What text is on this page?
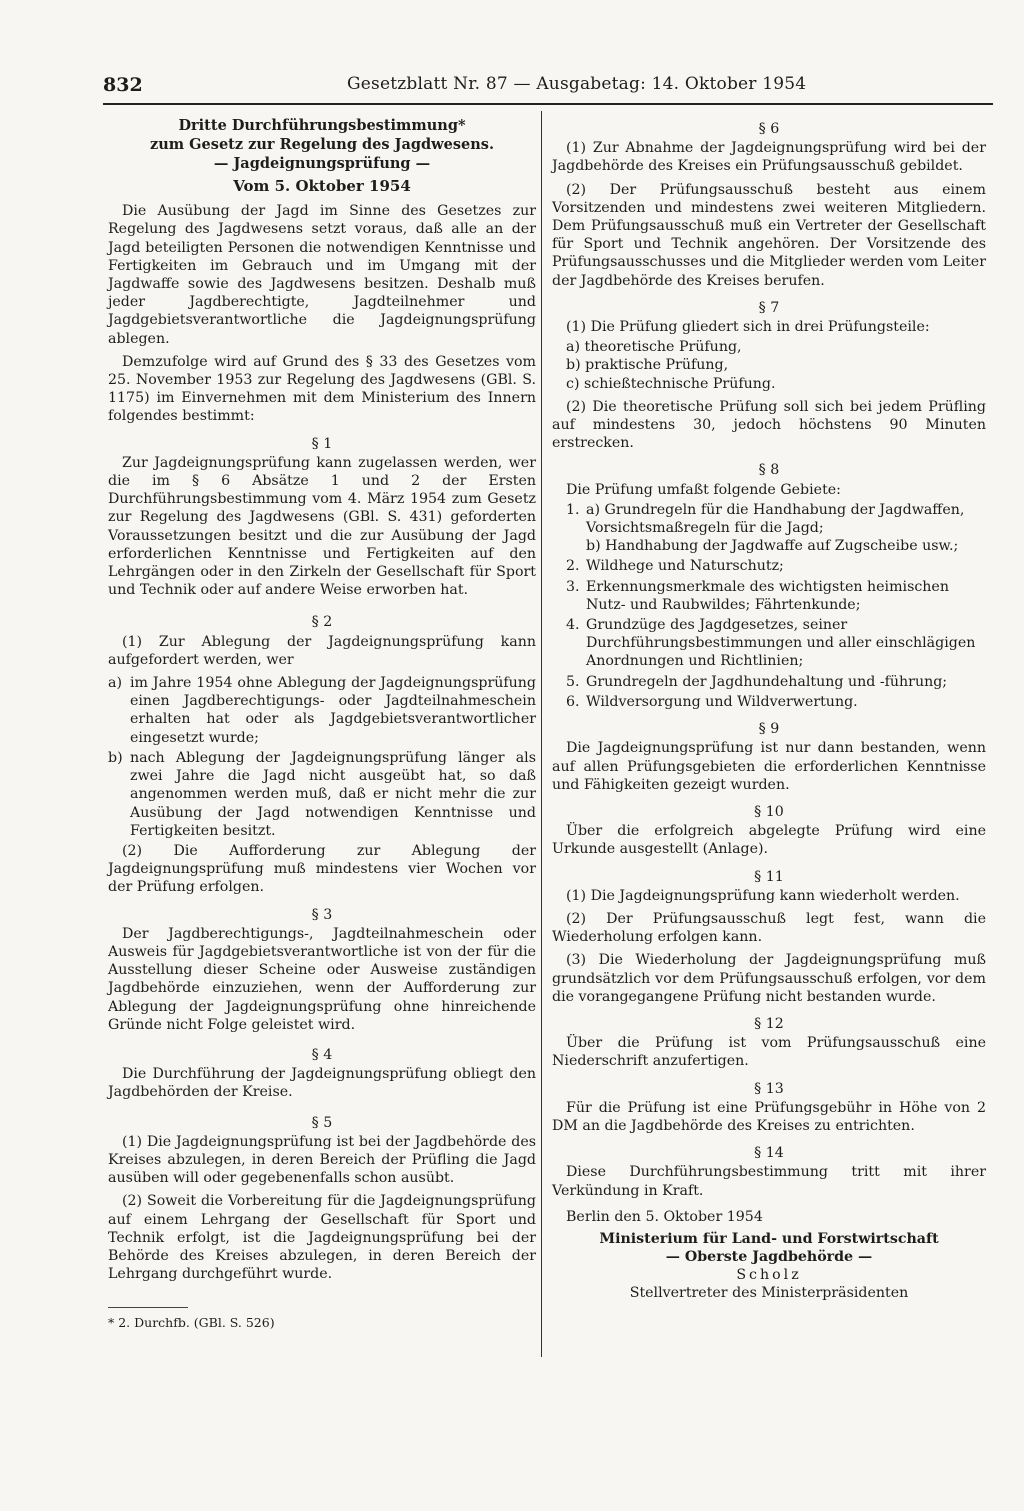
832	Gesetzblatt Nr. 87 — Ausgabetag: 14. Oktober 1954
Dritte Durchführungsbestimmung*
zum Gesetz zur Regelung des Jagdwesens.
— Jagdeignungsprüfung —
Vom 5. Oktober 1954

Die Ausübung der Jagd im Sinne des Gesetzes zur Regelung des Jagdwesens setzt voraus, daß alle an der Jagd beteiligten Personen die notwendigen Kenntnisse und Fertigkeiten im Gebrauch und im Umgang mit der Jagdwaffe sowie des Jagdwesens besitzen. Deshalb muß jeder Jagdberechtigte, Jagdteilnehmer und Jagdgebietsverantwortliche die Jagdeignungsprüfung ablegen.

Demzufolge wird auf Grund des § 33 des Gesetzes vom 25. November 1953 zur Regelung des Jagdwesens (GBl. S. 1175) im Einvernehmen mit dem Ministerium des Innern folgendes bestimmt:

§ 1

Zur Jagdeignungsprüfung kann zugelassen werden, wer die im § 6 Absätze 1 und 2 der Ersten Durchführungsbestimmung vom 4. März 1954 zum Gesetz zur Regelung des Jagdwesens (GBl. S. 431) geforderten Voraussetzungen besitzt und die zur Ausübung der Jagd erforderlichen Kenntnisse und Fertigkeiten auf den Lehrgängen oder in den Zirkeln der Gesellschaft für Sport und Technik oder auf andere Weise erworben hat.

§ 2

(1) Zur Ablegung der Jagdeignungsprüfung kann aufgefordert werden, wer

a) im Jahre 1954 ohne Ablegung der Jagdeignungsprüfung einen Jagdberechtigungs- oder Jagdteilnahmeschein erhalten hat oder als Jagdgebietsverantwortlicher eingesetzt wurde;
b) nach Ablegung der Jagdeignungsprüfung länger als zwei Jahre die Jagd nicht ausgeübt hat, so daß angenommen werden muß, daß er nicht mehr die zur Ausübung der Jagd notwendigen Kenntnisse und Fertigkeiten besitzt.

(2) Die Aufforderung zur Ablegung der Jagdeignungsprüfung muß mindestens vier Wochen vor der Prüfung erfolgen.

§ 3

Der Jagdberechtigungs-, Jagdteilnahmeschein oder Ausweis für Jagdgebietsverantwortliche ist von der für die Ausstellung dieser Scheine oder Ausweise zuständigen Jagdbehörde einzuziehen, wenn der Aufforderung zur Ablegung der Jagdeignungsprüfung ohne hinreichende Gründe nicht Folge geleistet wird.

§ 4

Die Durchführung der Jagdeignungsprüfung obliegt den Jagdbehörden der Kreise.

§ 5

(1) Die Jagdeignungsprüfung ist bei der Jagdbehörde des Kreises abzulegen, in deren Bereich der Prüfling die Jagd ausüben will oder gegebenenfalls schon ausübt.

(2) Soweit die Vorbereitung für die Jagdeignungsprüfung auf einem Lehrgang der Gesellschaft für Sport und Technik erfolgt, ist die Jagdeignungsprüfung bei der Behörde des Kreises abzulegen, in deren Bereich der Lehrgang durchgeführt wurde.

* 2. Durchfb. (GBl. S. 526)
§ 6

(1) Zur Abnahme der Jagdeignungsprüfung wird bei der Jagdbehörde des Kreises ein Prüfungsausschuß gebildet.

(2) Der Prüfungsausschuß besteht aus einem Vorsitzenden und mindestens zwei weiteren Mitgliedern. Dem Prüfungsausschuß muß ein Vertreter der Gesellschaft für Sport und Technik angehören. Der Vorsitzende des Prüfungsausschusses und die Mitglieder werden vom Leiter der Jagdbehörde des Kreises berufen.

§ 7

(1) Die Prüfung gliedert sich in drei Prüfungsteile:

a) theoretische Prüfung,
b) praktische Prüfung,
c) schießtechnische Prüfung.

(2) Die theoretische Prüfung soll sich bei jedem Prüfling auf mindestens 30, jedoch höchstens 90 Minuten erstrecken.

§ 8

Die Prüfung umfaßt folgende Gebiete:

1. a) Grundregeln für die Handhabung der Jagdwaffen, Vorsichtsmaßregeln für die Jagd;
b) Handhabung der Jagdwaffe auf Zugscheibe usw.;
2. Wildhege und Naturschutz;
3. Erkennungsmerkmale des wichtigsten heimischen Nutz- und Raubwildes; Fährtenkunde;
4. Grundzüge des Jagdgesetzes, seiner Durchführungsbestimmungen und aller einschlägigen Anordnungen und Richtlinien;
5. Grundregeln der Jagdhundehaltung und -führung;
6. Wildversorgung und Wildverwertung.
§ 9

Die Jagdeignungsprüfung ist nur dann bestanden, wenn auf allen Prüfungsgebieten die erforderlichen Kenntnisse und Fähigkeiten gezeigt wurden.

§ 10

Über die erfolgreich abgelegte Prüfung wird eine Urkunde ausgestellt (Anlage).

§ 11

(1) Die Jagdeignungsprüfung kann wiederholt werden.

(2) Der Prüfungsausschuß legt fest, wann die Wiederholung erfolgen kann.

(3) Die Wiederholung der Jagdeignungsprüfung muß grundsätzlich vor dem Prüfungsausschuß erfolgen, vor dem die vorangegangene Prüfung nicht bestanden wurde.

§ 12

Über die Prüfung ist vom Prüfungsausschuß eine Niederschrift anzufertigen.

§ 13

Für die Prüfung ist eine Prüfungsgebühr in Höhe von 2 DM an die Jagdbehörde des Kreises zu entrichten.

§ 14

Diese Durchführungsbestimmung tritt mit ihrer Verkündung in Kraft.

Berlin den 5. Oktober 1954

Ministerium für Land- und Forstwirtschaft
— Oberste Jagdbehörde —
Scholz
Stellvertreter des Ministerpräsidenten
